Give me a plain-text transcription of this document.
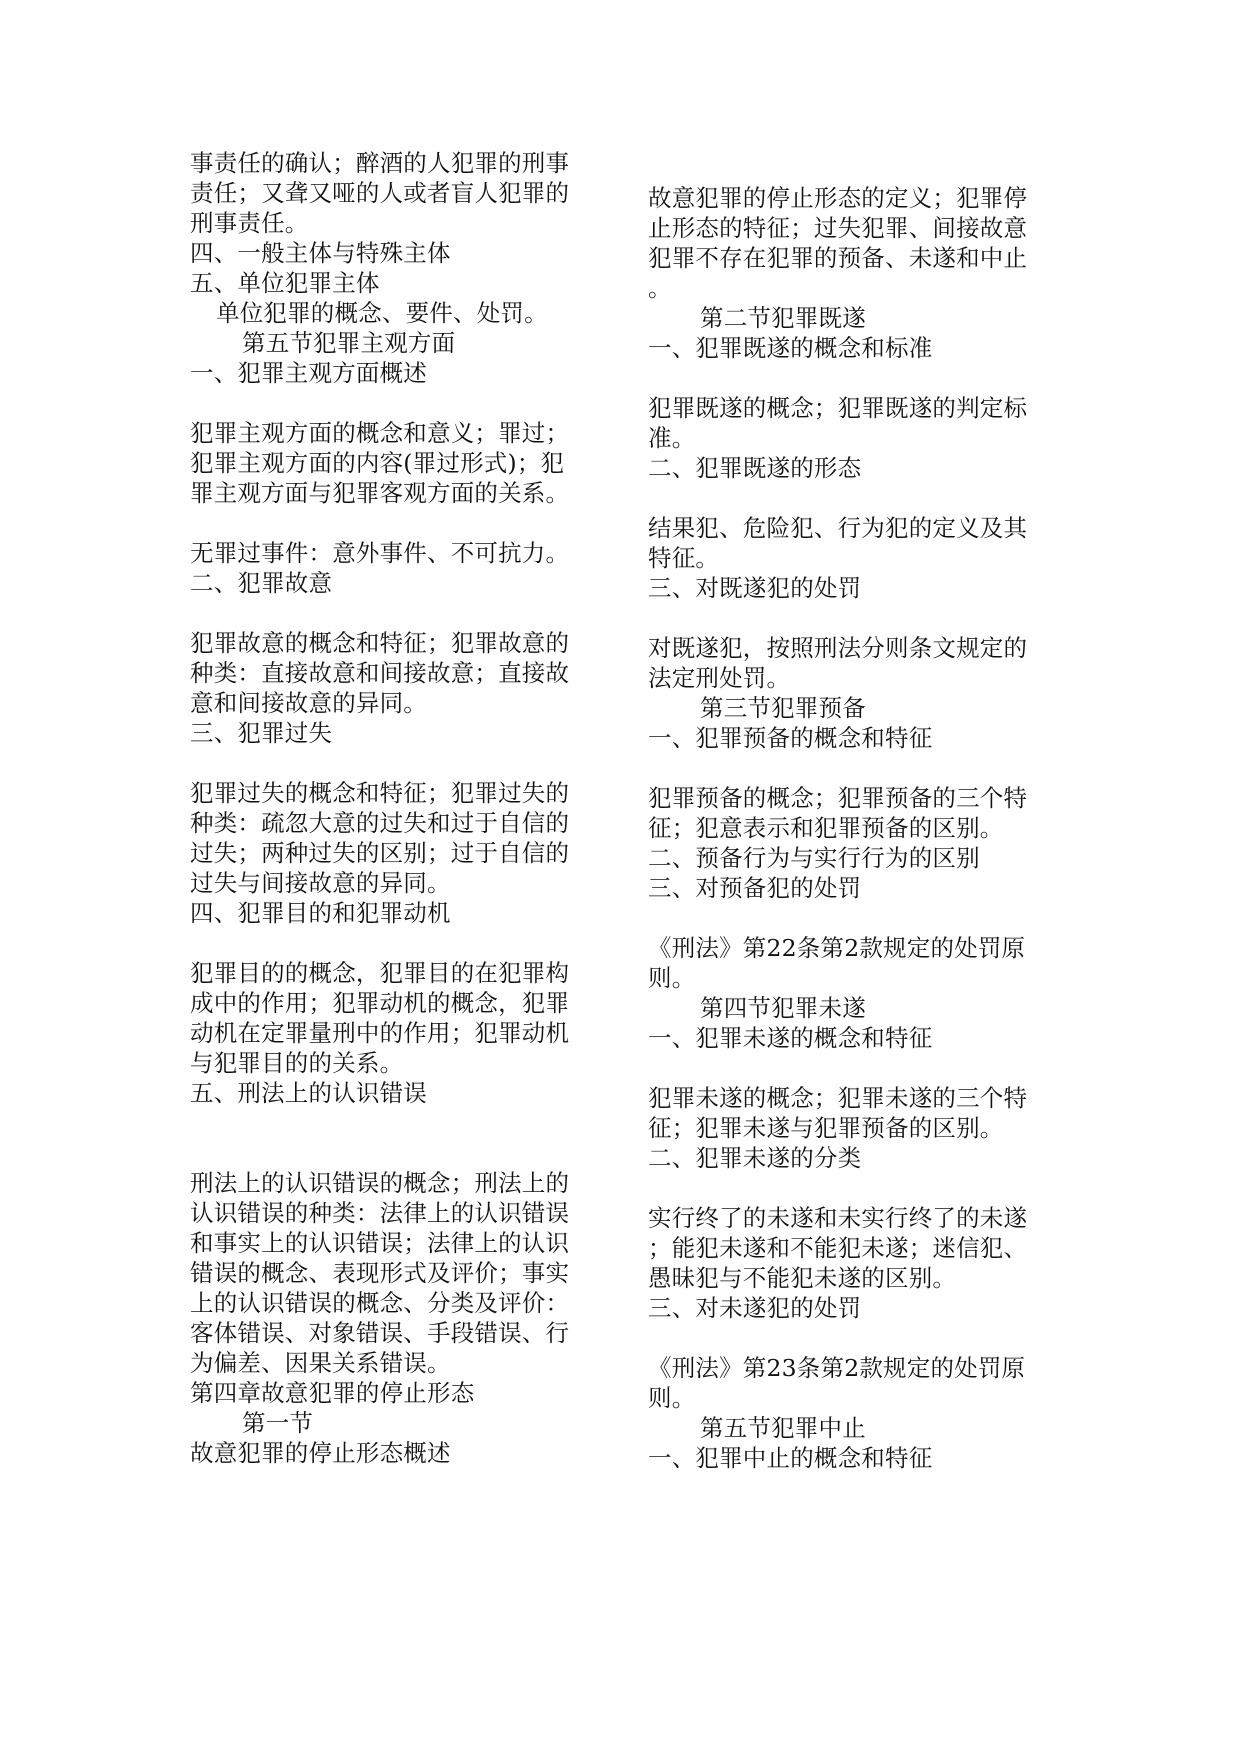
事责任的确认；醉酒的人犯罪的刑事
责任；又聋又哑的人或者盲人犯罪的
刑事责任。
四、一般主体与特殊主体
五、单位犯罪主体
单位犯罪的概念、要件、处罚。
第五节犯罪主观方面
一、犯罪主观方面概述
犯罪主观方面的概念和意义；罪过；
犯罪主观方面的内容(罪过形式)；犯
罪主观方面与犯罪客观方面的关系。
无罪过事件：意外事件、不可抗力。
二、犯罪故意
犯罪故意的概念和特征；犯罪故意的
种类：直接故意和间接故意；直接故
意和间接故意的异同。
三、犯罪过失
犯罪过失的概念和特征；犯罪过失的
种类：疏忽大意的过失和过于自信的
过失；两种过失的区别；过于自信的
过失与间接故意的异同。
四、犯罪目的和犯罪动机
犯罪目的的概念，犯罪目的在犯罪构
成中的作用；犯罪动机的概念，犯罪
动机在定罪量刑中的作用；犯罪动机
与犯罪目的的关系。
五、刑法上的认识错误
刑法上的认识错误的概念；刑法上的
认识错误的种类：法律上的认识错误
和事实上的认识错误；法律上的认识
错误的概念、表现形式及评价；事实
上的认识错误的概念、分类及评价：
客体错误、对象错误、手段错误、行
为偏差、因果关系错误。
第四章故意犯罪的停止形态
第一节
故意犯罪的停止形态概述
故意犯罪的停止形态的定义；犯罪停
止形态的特征；过失犯罪、间接故意
犯罪不存在犯罪的预备、未遂和中止
。
第二节犯罪既遂
一、犯罪既遂的概念和标准
犯罪既遂的概念；犯罪既遂的判定标
准。
二、犯罪既遂的形态
结果犯、危险犯、行为犯的定义及其
特征。
三、对既遂犯的处罚
对既遂犯，按照刑法分则条文规定的
法定刑处罚。
第三节犯罪预备
一、犯罪预备的概念和特征
犯罪预备的概念；犯罪预备的三个特
征；犯意表示和犯罪预备的区别。
二、预备行为与实行行为的区别
三、对预备犯的处罚
《刑法》第22条第2款规定的处罚原
则。
第四节犯罪未遂
一、犯罪未遂的概念和特征
犯罪未遂的概念；犯罪未遂的三个特
征；犯罪未遂与犯罪预备的区别。
二、犯罪未遂的分类
实行终了的未遂和未实行终了的未遂
；能犯未遂和不能犯未遂；迷信犯、
愚昧犯与不能犯未遂的区别。
三、对未遂犯的处罚
《刑法》第23条第2款规定的处罚原
则。
第五节犯罪中止
一、犯罪中止的概念和特征
